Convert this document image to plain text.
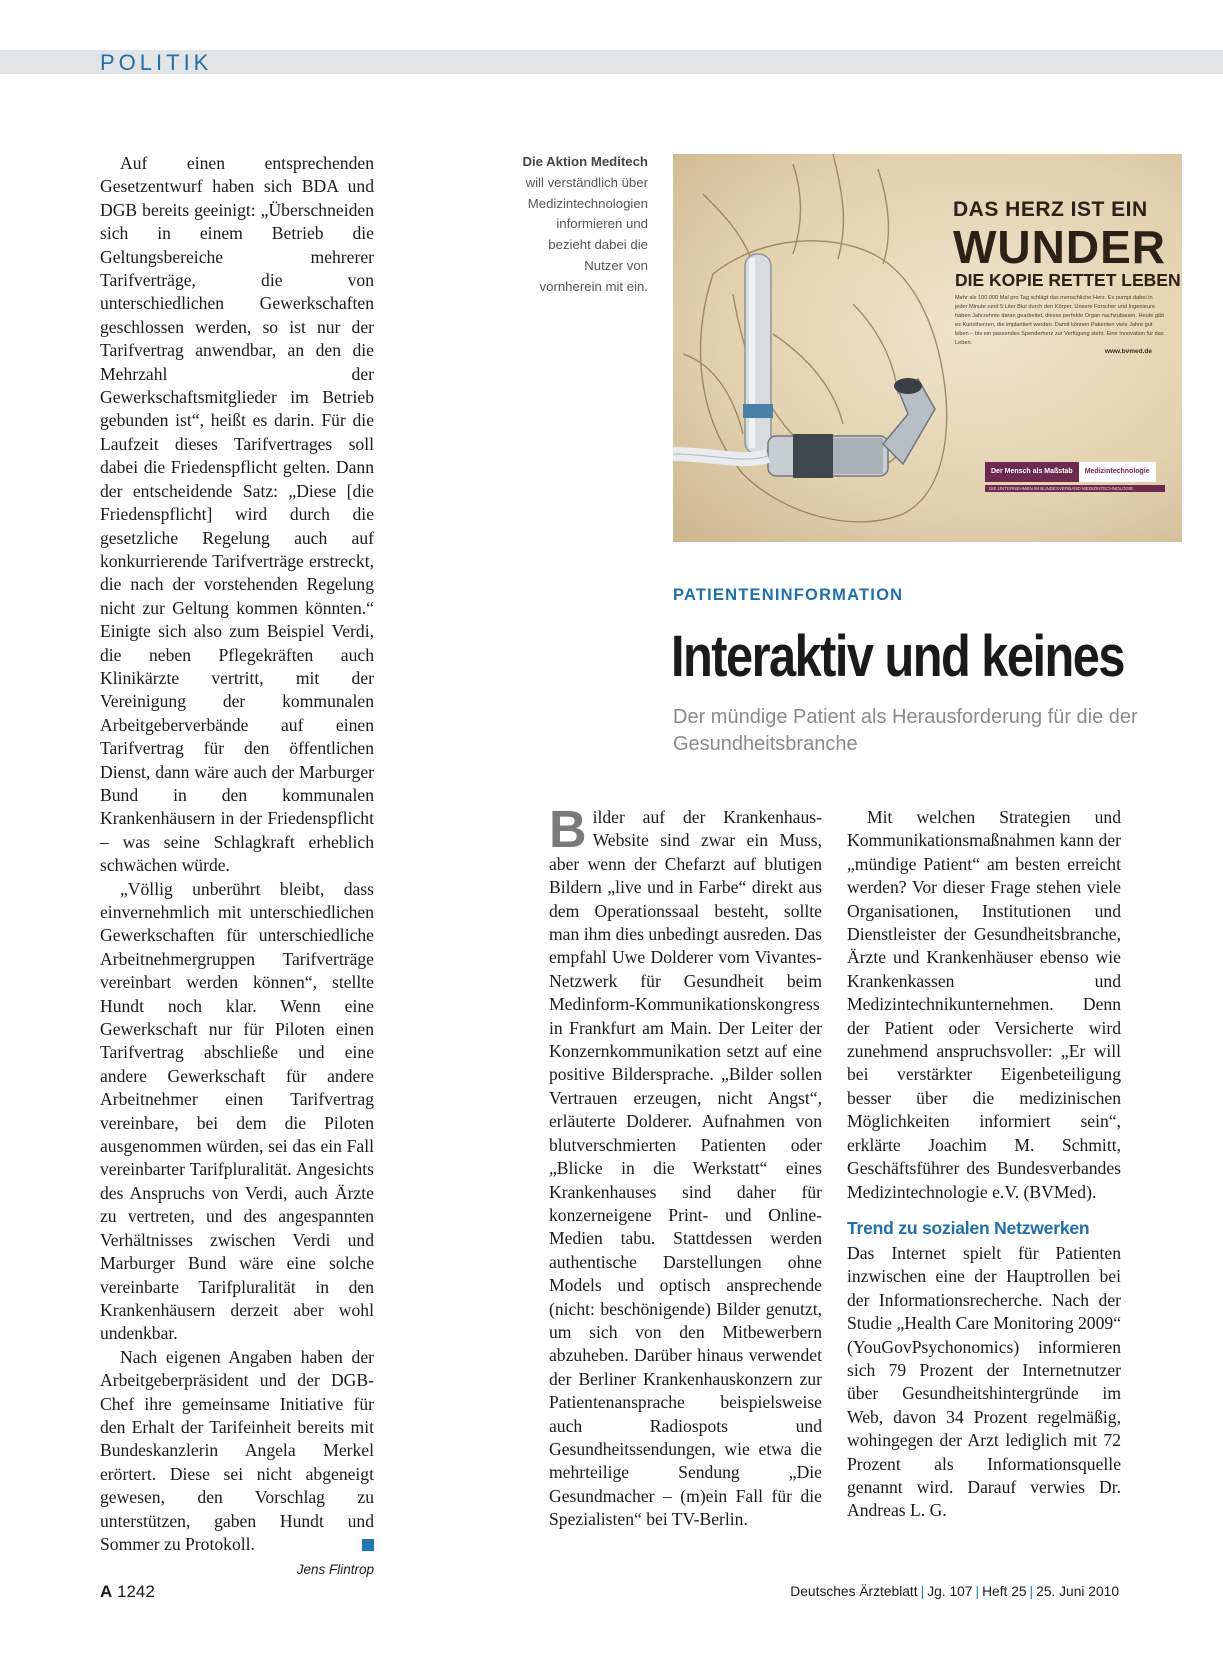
POLITIK

Auf einen entsprechenden Gesetzentwurf haben sich BDA und DGB bereits geeinigt: „Überschneiden sich in einem Betrieb die Geltungsbereiche mehrerer Tarifverträge, die von unterschiedlichen Gewerkschaften geschlossen werden, so ist nur der Tarifvertrag anwendbar, an den die Mehrzahl der Gewerkschaftsmitglieder im Betrieb gebunden ist“, heißt es darin. Für die Laufzeit dieses Tarifvertrages soll dabei die Friedenspflicht gelten. Dann der entscheidende Satz: „Diese [die Friedenspflicht] wird durch die gesetzliche Regelung auch auf konkurrierende Tarifverträge erstreckt, die nach der vorstehenden Regelung nicht zur Geltung kommen könnten.“ Einigte sich also zum Beispiel Verdi, die neben Pflegekräften auch Klinikärzte vertritt, mit der Vereinigung der kommunalen Arbeitgeberverbände auf einen Tarifvertrag für den öffentlichen Dienst, dann wäre auch der Marburger Bund in den kommunalen Krankenhäusern in der Friedenspflicht – was seine Schlagkraft erheblich schwächen würde.

„Völlig unberührt bleibt, dass einvernehmlich mit unterschiedlichen Gewerkschaften für unterschiedliche Arbeitnehmergruppen Tarifverträge vereinbart werden können“, stellte Hundt noch klar. Wenn eine Gewerkschaft nur für Piloten einen Tarifvertrag abschließe und eine andere Gewerkschaft für andere Arbeitnehmer einen Tarifvertrag vereinbare, bei dem die Piloten ausgenommen würden, sei das ein Fall vereinbarter Tarifpluralität. Angesichts des Anspruchs von Verdi, auch Ärzte zu vertreten, und des angespannten Verhältnisses zwischen Verdi und Marburger Bund wäre eine solche vereinbarte Tarifpluralität in den Krankenhäusern derzeit aber wohl undenkbar.

Nach eigenen Angaben haben der Arbeitgeberpräsident und der DGB-Chef ihre gemeinsame Initiative für den Erhalt der Tarifeinheit bereits mit Bundeskanzlerin Angela Merkel erörtert. Diese sei nicht abgeneigt gewesen, den Vorschlag zu unterstützen, gaben Hundt und Sommer zu Protokoll.

Jens Flintrop
Die Aktion Meditech will verständlich über Medizintechnologien informieren und bezieht dabei die Nutzer von vornherein mit ein.
DAS HERZ IST EIN
WUNDER
DIE KOPIE RETTET LEBEN
Mehr als 100.000 Mal pro Tag schlägt das menschliche Herz. Es pumpt dabei in jeder Minute rund 5 Liter Blut durch den Körper. Unsere Forscher und Ingenieure haben Jahrzehnte daran gearbeitet, dieses perfekte Organ nachzubauen. Heute gibt es Kunstherzen, die implantiert werden. Damit können Patienten viele Jahre gut leben – bis ein passendes Spenderherz zur Verfügung steht. Eine Innovation für das Leben.
www.bvmed.de
Der Mensch als Maßstab	Medizintechnologie
DIE UNTERNEHMEN IM BUNDESVERBAND MEDIZINTECHNOLOGIE
PATIENTENINFORMATION
Interaktiv und keines
Der mündige Patient als Herausforderung für die der Gesundheitsbranche

Bilder auf der Krankenhaus-Website sind zwar ein Muss, aber wenn der Chefarzt auf blutigen Bildern „live und in Farbe“ direkt aus dem Operationssaal besteht, sollte man ihm dies unbedingt ausreden. Das empfahl Uwe Dolderer vom Vivantes-Netzwerk für Gesundheit beim Medinform-Kommunikationskongress in Frankfurt am Main. Der Leiter der Konzernkommunikation setzt auf eine positive Bildersprache. „Bilder sollen Vertrauen erzeugen, nicht Angst“, erläuterte Dolderer. Aufnahmen von blutverschmierten Patienten oder „Blicke in die Werkstatt“ eines Krankenhauses sind daher für konzerneigene Print- und Online-Medien tabu. Stattdessen werden authentische Darstellungen ohne Models und optisch ansprechende (nicht: beschönigende) Bilder genutzt, um sich von den Mitbewerbern abzuheben. Darüber hinaus verwendet der Berliner Krankenhauskonzern zur Patientenansprache beispielsweise auch Radiospots und Gesundheitssendungen, wie etwa die mehrteilige Sendung „Die Gesundmacher – (m)ein Fall für die Spezialisten“ bei TV-Berlin.

Mit welchen Strategien und Kommunikationsmaßnahmen kann der „mündige Patient“ am besten erreicht werden? Vor dieser Frage stehen viele Organisationen, Institutionen und Dienstleister der Gesundheitsbranche, Ärzte und Krankenhäuser ebenso wie Krankenkassen und Medizintechnikunternehmen. Denn der Patient oder Versicherte wird zunehmend anspruchsvoller: „Er will bei verstärkter Eigenbeteiligung besser über die medizinischen Möglichkeiten informiert sein“, erklärte Joachim M. Schmitt, Geschäftsführer des Bundesverbandes Medizintechnologie e.V. (BVMed).

Trend zu sozialen Netzwerken

Das Internet spielt für Patienten inzwischen eine der Hauptrollen bei der Informationsrecherche. Nach der Studie „Health Care Monitoring 2009“ (YouGovPsychonomics) informieren sich 79 Prozent der Internetnutzer über Gesundheitshintergründe im Web, davon 34 Prozent regelmäßig, wohingegen der Arzt lediglich mit 72 Prozent als Informationsquelle genannt wird. Darauf verwies Dr. Andreas L. G.

A 1242	Deutsches Ärzteblatt | Jg. 107 | Heft 25 | 25. Juni 2010
